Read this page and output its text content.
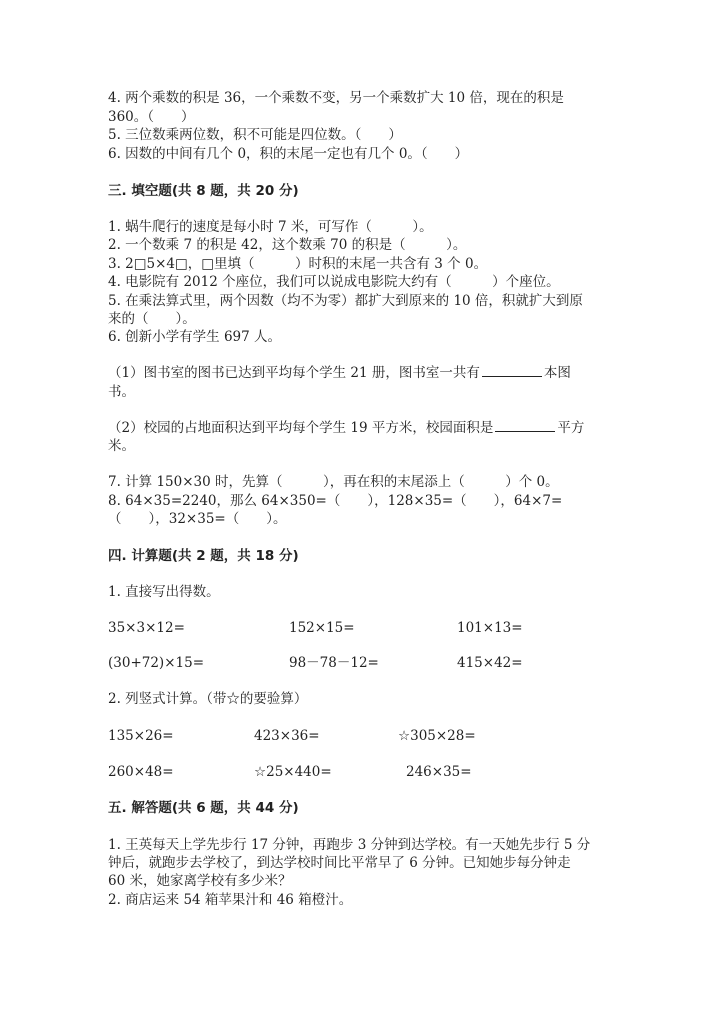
4. 两个乘数的积是 36，一个乘数不变，另一个乘数扩大 10 倍，现在的积是
360。（　　）
5. 三位数乘两位数，积不可能是四位数。（　　）
6. 因数的中间有几个 0，积的末尾一定也有几个 0。（　　）
三. 填空题(共 8 题，共 20 分)
1. 蜗牛爬行的速度是每小时 7 米，可写作（　　　）。
2. 一个数乘 7 的积是 42，这个数乘 70 的积是（　　　）。
3. 2□5×4□，□里填（　　　）时积的末尾一共含有 3 个 0。
4. 电影院有 2012 个座位，我们可以说成电影院大约有（　　　）个座位。
5. 在乘法算式里，两个因数（均不为零）都扩大到原来的 10 倍，积就扩大到原
来的（　　）。
6. 创新小学有学生 697 人。
（1）图书室的图书已达到平均每个学生 21 册，图书室一共有	本图
书。
（2）校园的占地面积达到平均每个学生 19 平方米，校园面积是	平方
米。
7. 计算 150×30 时，先算（　　　），再在积的末尾添上（　　　）个 0。
8. 64×35=2240，那么 64×350=（　　），128×35=（　　），64×7=
（　　），32×35=（　　）。
四. 计算题(共 2 题，共 18 分)
1. 直接写出得数。
35×3×12=	152×15=	101×13=
(30+72)×15=	98－78－12=	415×42=
2. 列竖式计算。（带☆的要验算）
135×26=	423×36=	☆305×28=
260×48=	☆25×440=	246×35=
五. 解答题(共 6 题，共 44 分)
1. 王英每天上学先步行 17 分钟，再跑步 3 分钟到达学校。有一天她先步行 5 分
钟后，就跑步去学校了，到达学校时间比平常早了 6 分钟。已知她步每分钟走
60 米，她家离学校有多少米？
2. 商店运来 54 箱苹果汁和 46 箱橙汁。
